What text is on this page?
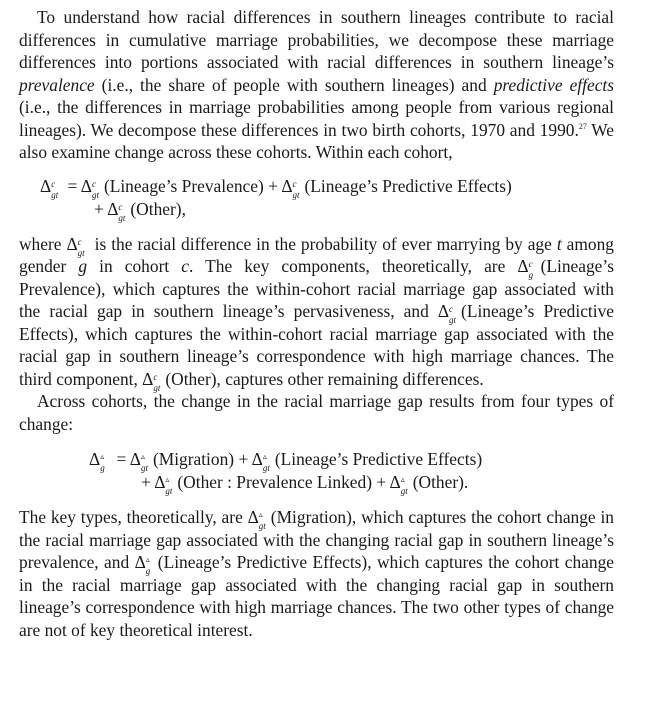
To understand how racial differences in southern lineages contribute to racial differences in cumulative marriage probabilities, we decompose these marriage differences into portions associated with racial differences in southern lineage’s prevalence (i.e., the share of people with southern lineages) and predictive effects (i.e., the differences in marriage probabilities among people from various regional lineages). We decompose these differences in two birth cohorts, 1970 and 1990.27 We also examine change across these cohorts. Within each cohort,

Δ c
gt = Δ c
gt (Lineage’s Prevalence) + Δ c
gt (Lineage’s Predictive Effects)
+ Δ c
gt (Other),

where Δ c
gt is the racial difference in the probability of ever marrying by age t among gender g in cohort c. The key components, theoretically, are Δ c
g (Lineage’s Prevalence), which captures the within-cohort racial marriage gap associated with the racial gap in southern lineage’s pervasiveness, and Δ c
gt (Lineage’s Predictive Effects), which captures the within-cohort racial marriage gap associated with the racial gap in southern lineage’s correspondence with high marriage chances. The third component, Δ c
gt (Other), captures other remaining differences.

Across cohorts, the change in the racial marriage gap results from four types of change:

Δ ▵
g = Δ ▵
gt (Migration) + Δ ▵
gt (Lineage’s Predictive Effects)
+ Δ ▵
gt (Other : Prevalence Linked) + Δ ▵
gt (Other).

The key types, theoretically, are Δ ▵
gt (Migration), which captures the cohort change in the racial marriage gap associated with the changing racial gap in southern lineage’s prevalence, and Δ ▵
g (Lineage’s Predictive Effects), which captures the cohort change in the racial marriage gap associated with the changing racial gap in southern lineage’s correspondence with high marriage chances. The two other types of change are not of key theoretical interest.
